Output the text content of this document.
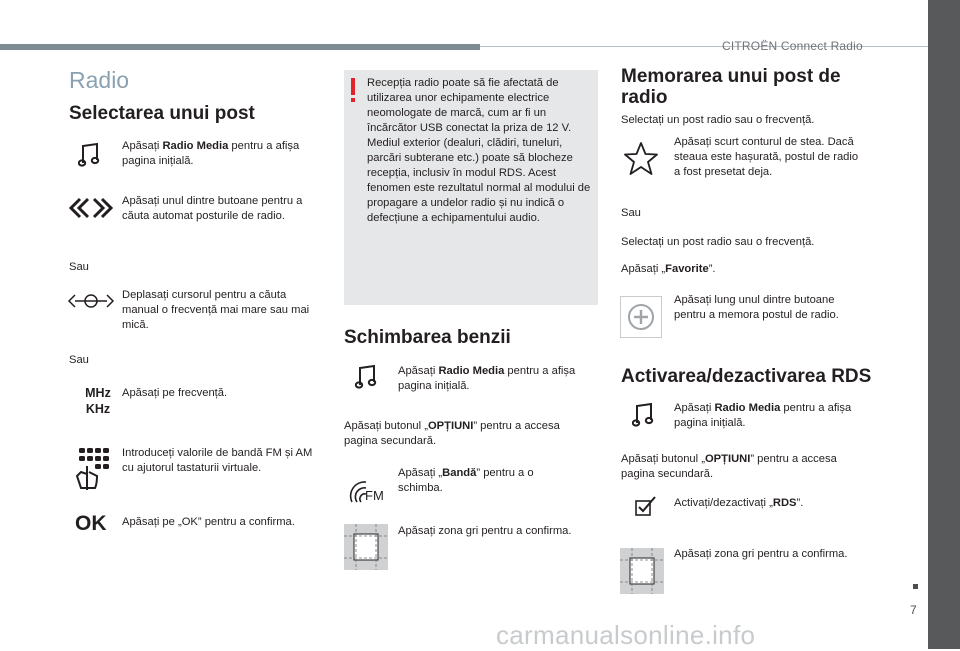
CITROËN Connect Radio
7
carmanualsonline.info
Radio
Selectarea unui post
Apăsați Radio Media pentru a afișa pagina inițială.
Apăsați unul dintre butoane pentru a căuta automat posturile de radio.
Sau
Deplasați cursorul pentru a căuta manual o frecvență mai mare sau mai mică.
Sau
MHz
KHz
Apăsați pe frecvență.
Introduceți valorile de bandă FM și AM cu ajutorul tastaturii virtuale.
OK Apăsați pe „OK” pentru a confirma.
Recepția radio poate să fie afectată de utilizarea unor echipamente electrice neomologate de marcă, cum ar fi un încărcător USB conectat la priza de 12 V.
Mediul exterior (dealuri, clădiri, tuneluri, parcări subterane etc.) poate să blocheze recepția, inclusiv în modul RDS. Acest fenomen este rezultatul normal al modului de propagare a undelor radio și nu indică o defecțiune a echipamentului audio.
Schimbarea benzii
Apăsați Radio Media pentru a afișa pagina inițială.
Apăsați butonul „OPȚIUNI” pentru a accesa pagina secundară.
FM
Apăsați „Bandă” pentru a o schimba.
Apăsați zona gri pentru a confirma.
Memorarea unui post de radio
Selectați un post radio sau o frecvență.
Apăsați scurt conturul de stea. Dacă steaua este hașurată, postul de radio a fost presetat deja.
Sau
Selectați un post radio sau o frecvență.
Apăsați „Favorite”.
Apăsați lung unul dintre butoane pentru a memora postul de radio.
Activarea/dezactivarea RDS
Apăsați Radio Media pentru a afișa pagina inițială.
Apăsați butonul „OPȚIUNI” pentru a accesa pagina secundară.
Activați/dezactivați „RDS”.
Apăsați zona gri pentru a confirma.
